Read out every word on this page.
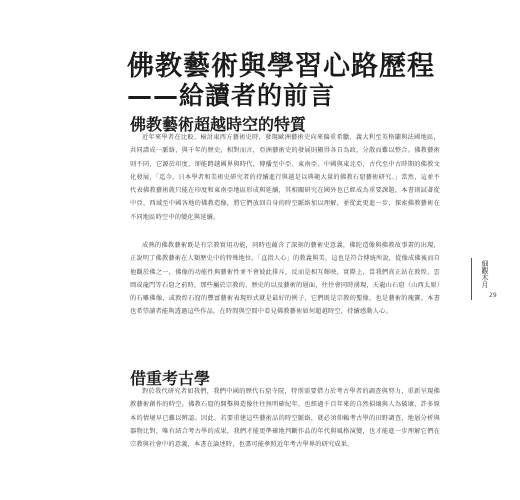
佛教藝術與學習心路歷程
——給讀者的前言
佛教藝術超越時空的特質
近年來學者在比較、檢討東西方藝術史時，發現歐洲藝術史向來偏重希臘、義大利至英格蘭與法國地區，共同譜成一脈絡，與千年的歷史，相對而言，亞洲藝術史的發展則顯得各自為政，分散而難以整合。佛教藝術則不同，它源於印度，卻能跨越國界與時代，傳播至中亞、東南亞、中國與東北亞，古代至中古時期的佛教文化發展，「迄今，日本學者和美術史研究者的持續進行與越是以典範大量的佛教石窟藝術研究。」當然，這並不代表佛教藝術就只能在印度和東南亞地區形成與延續，其相關研究在國外也已經成為重要課題，本書則試著從中亞、西域至中國各地的佛教造像，將它們放回自身的時空脈絡加以理解，並從此更進一步，探索佛教藝術在不同地區時空中的變化與延續。
成熟的佛教藝術既是有宗教實用功能，同時也蘊含了深刻的藝術史意義，佛陀造像與佛教故事畫的出現，正說明了佛教藝術在人類歷史中的特殊地位。「直指人心」的教義與美，這也是符合傳統所說，從像成佛後而自他觀於佛之一，佛像的功能性與藝術性並不會彼此排斥，反而是相互輝映，實際上，當我們真正站在敦煌、雲岡或龍門等石窟之前時，那些屬於宗教的、歷史的以及藝術的層面，往往會同時湧現，天龍山石窟（山西太原）的石雕佛像，或敦煌石窟的豐富藝術表現形式就是最好的例子，它們既是宗教的聖像，也是藝術的瑰寶。本書也希望讀者能夠透過這些作品，在時間與空間中看見佛教藝術如何超越時空，持續感動人心。
借重考古學
對於我代研究者如我們，我們中國的歷代石窟寺院，特別需要借力於考古學者的調查與努力，重新呈現佛教藝術創作的時空。佛教石窟的開鑿與造像往往無明確紀年，也經過千百年來的自然損壞與人為破壞，許多原本的情境早已難以辨認。因此，若要重建這些藝術品的時空脈絡，就必須仰賴考古學的田野調查、地層分析與器物比對，唯有結合考古學的成果，我們才能更準確地判斷作品的年代與風格演變，也才能進一步理解它們在宗教與社會中的意義，本書在論述時，也盡可能參照近年考古學界的研究成果。
細觀木月
29
